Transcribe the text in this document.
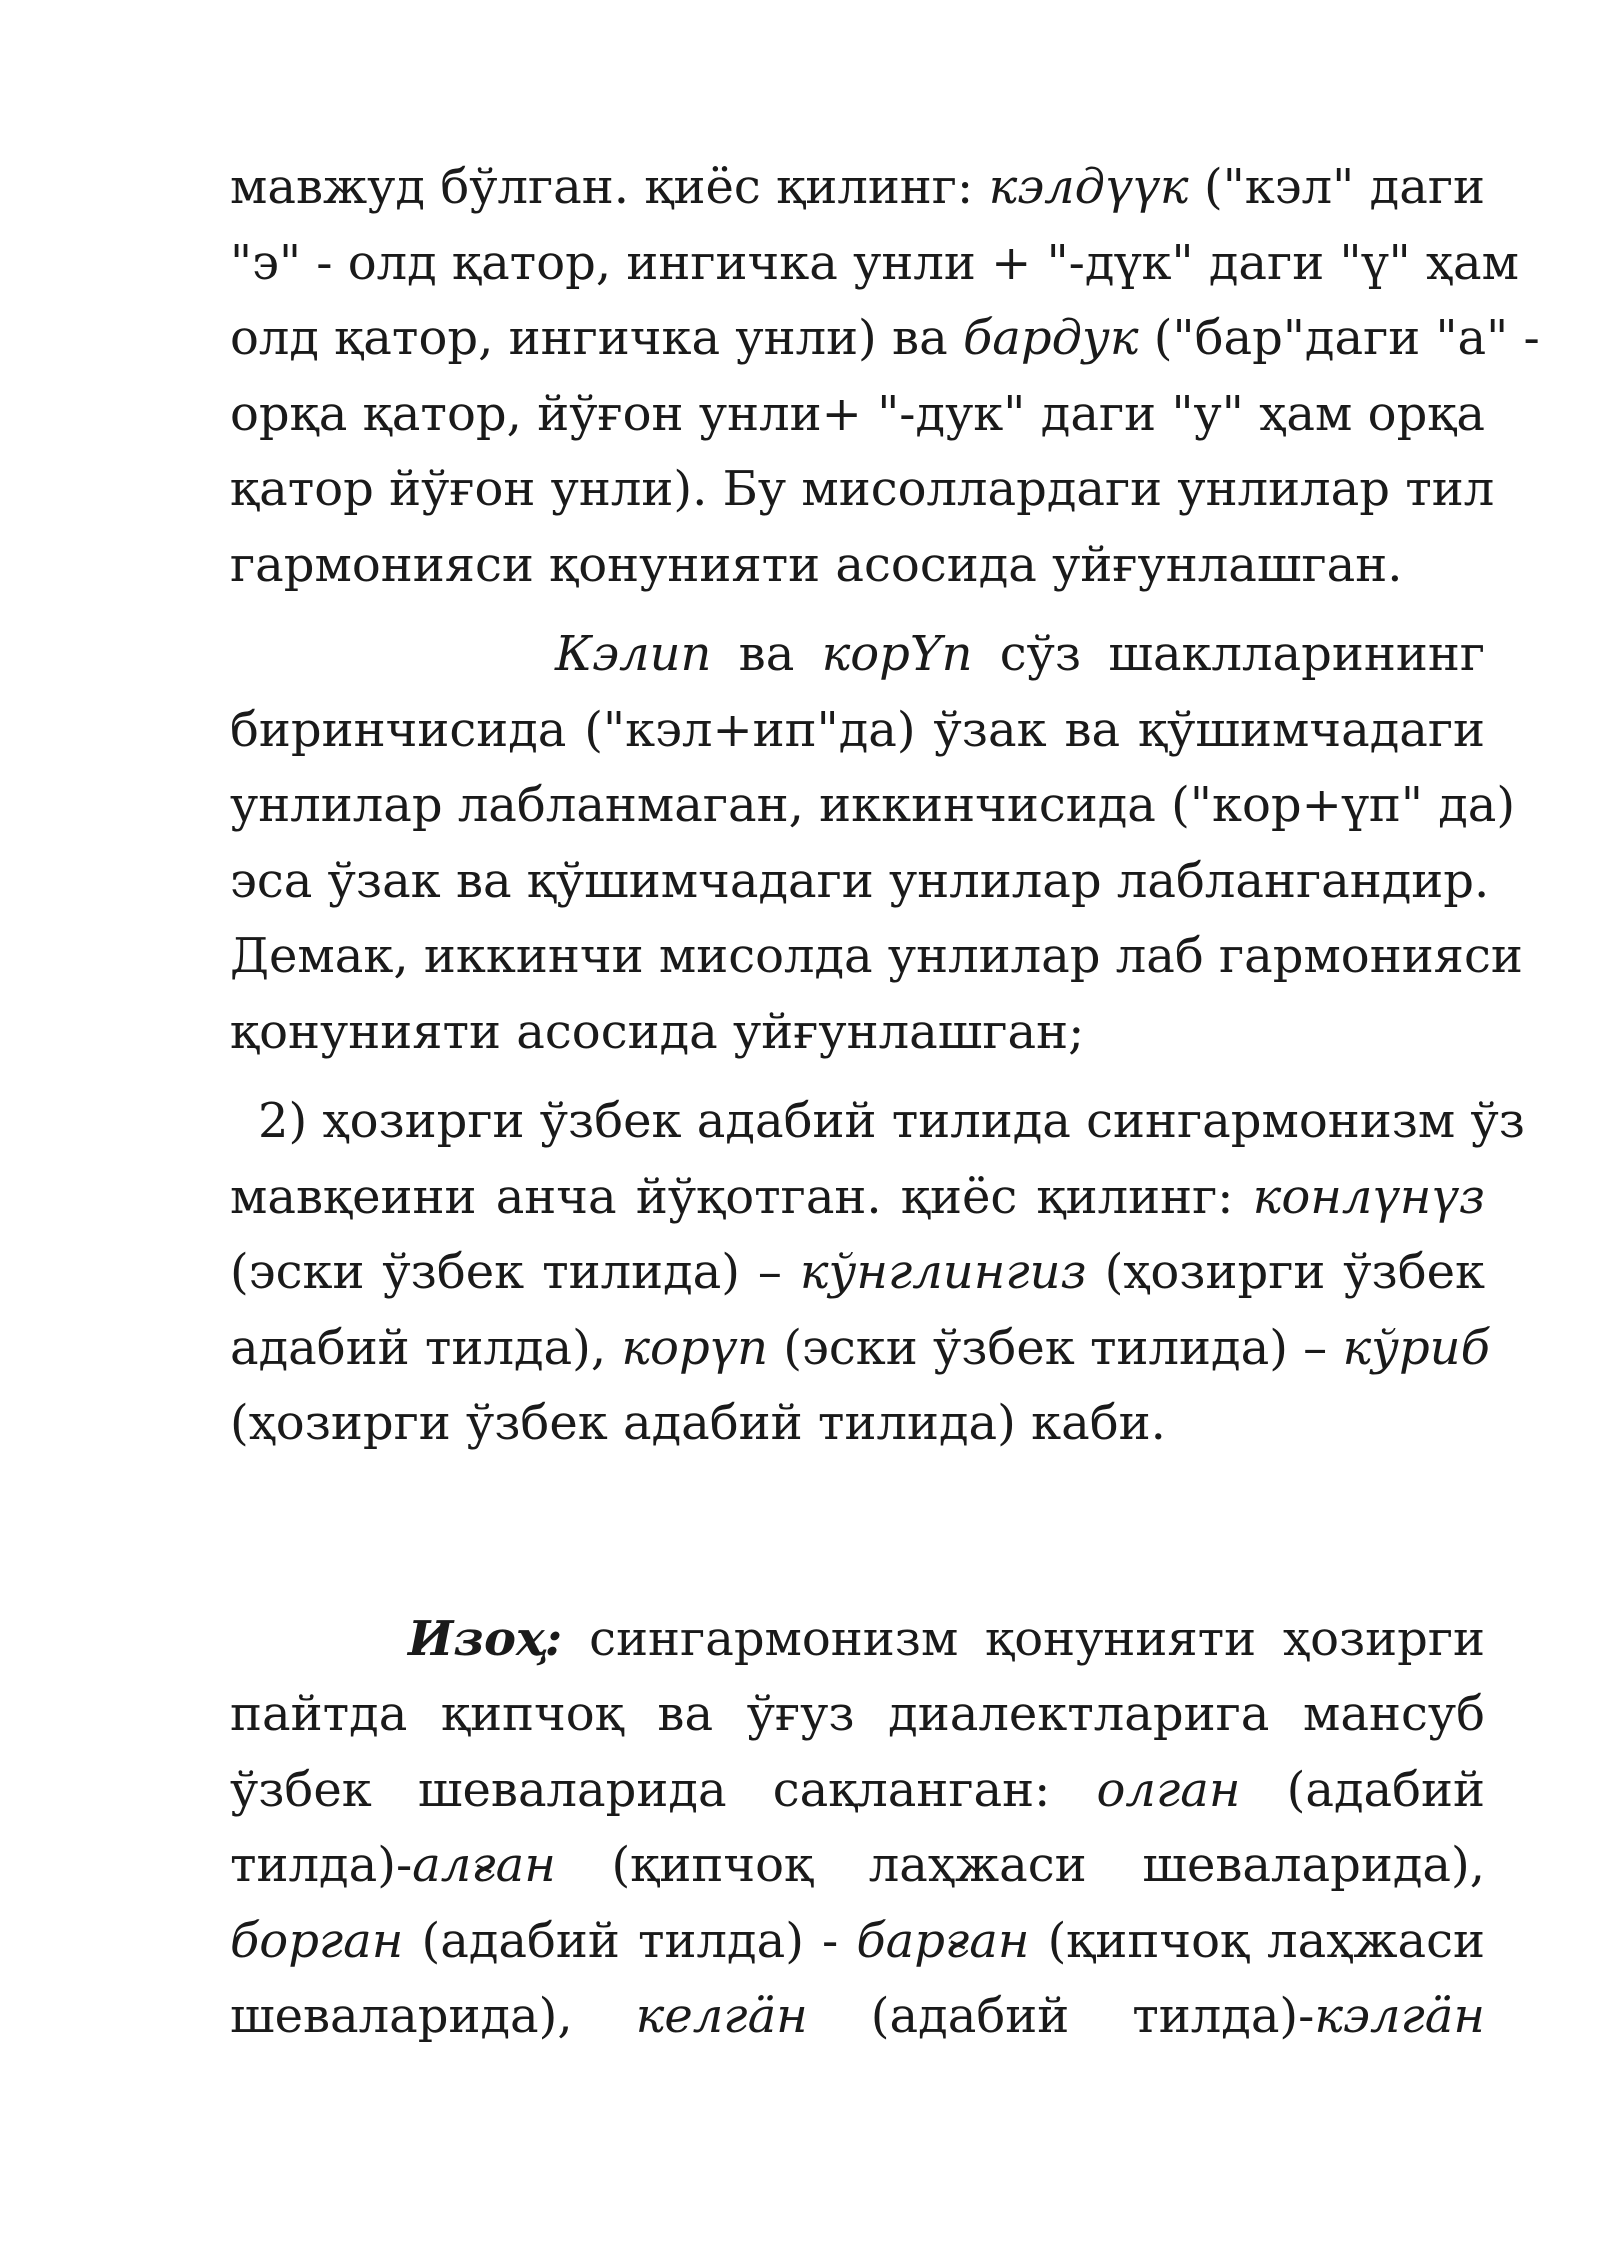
мавжуд бўлган. қиёс қилинг: кэлдүүк ("кэл" даги
"э" - олд қатор, ингичка унли + "-дүк" даги "ү" ҳам
олд қатор, ингичка унли) ва бардук ("бар"даги "а" -
орқа қатор, йўғон унли+ "-дук" даги "у" ҳам орқа
қатор йўғон унли). Бу мисоллардаги унлилар тил
гармонияси қонунияти асосида уйғунлашган.

Кэлип ва корҮп сўз шаклларининг
биринчисида ("кэл+ип"да) ўзак ва қўшимчадаги
унлилар лабланмаган, иккинчисида ("кор+үп" да)
эса ўзак ва қўшимчадаги унлилар лаблангандир.
Демак, иккинчи мисолда унлилар лаб гармонияси
қонунияти асосида уйғунлашган;

2) ҳозирги ўзбек адабий тилида сингармонизм ўз
мавқеини анча йўқотган. қиёс қилинг: конлүнүз
(эски ўзбек тилида) – кўнглингиз (ҳозирги ўзбек
адабий тилда), корүп (эски ўзбек тилида) – кўриб
(ҳозирги ўзбек адабий тилида) каби.

Изоҳ: сингармонизм қонунияти ҳозирги
пайтда қипчоқ ва ўғуз диалектларига мансуб
ўзбек шеваларида сақланган: олган (адабий
тилда)-алған (қипчоқ лаҳжаси шеваларида),
борган (адабий тилда) - барған (қипчоқ лаҳжаси
шеваларида), келгӓн (адабий тилда)-кэлгӓн
